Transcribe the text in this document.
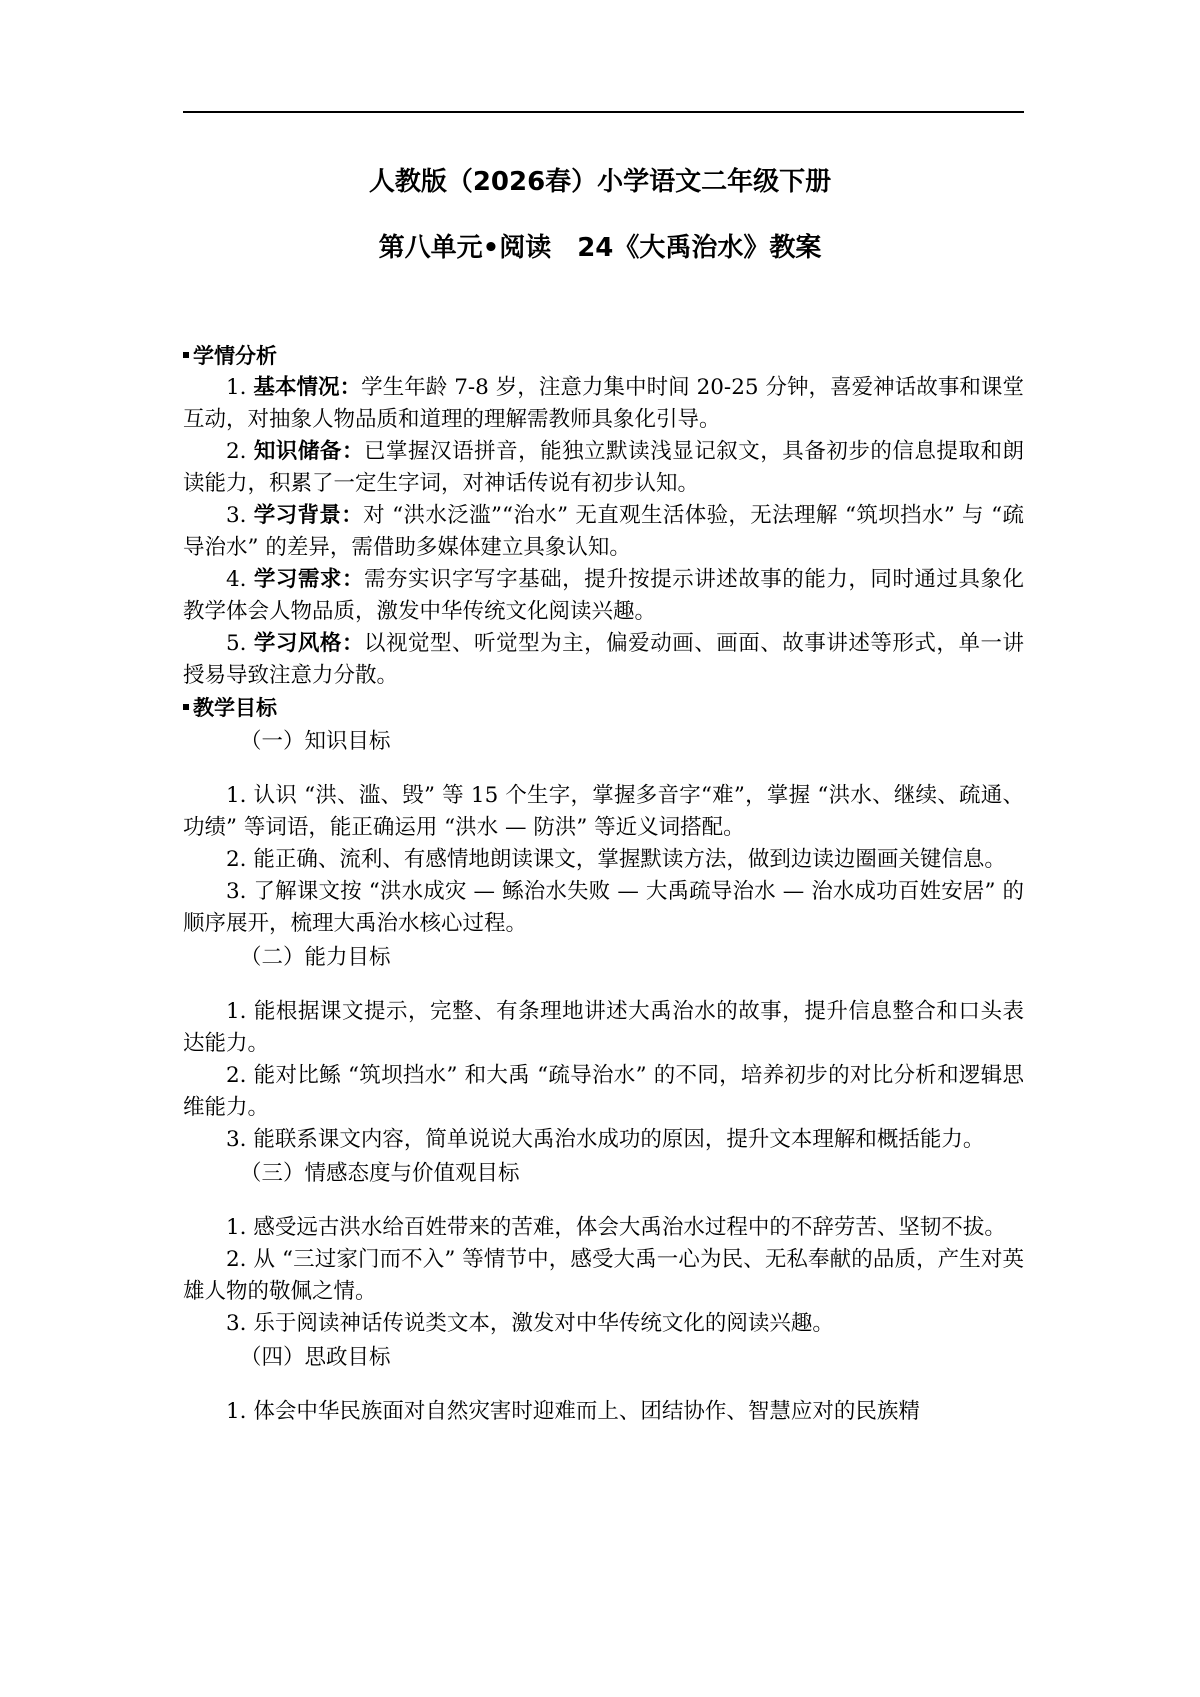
人教版（2026春）小学语文二年级下册
第八单元•阅读　24《大禹治水》教案
学情分析

1. 基本情况：学生年龄 7-8 岁，注意力集中时间 20-25 分钟，喜爱神话故事和课堂互动，对抽象人物品质和道理的理解需教师具象化引导。

2. 知识储备：已掌握汉语拼音，能独立默读浅显记叙文，具备初步的信息提取和朗读能力，积累了一定生字词，对神话传说有初步认知。

3. 学习背景：对 “洪水泛滥”“治水” 无直观生活体验，无法理解 “筑坝挡水” 与 “疏导治水” 的差异，需借助多媒体建立具象认知。

4. 学习需求：需夯实识字写字基础，提升按提示讲述故事的能力，同时通过具象化教学体会人物品质，激发中华传统文化阅读兴趣。

5. 学习风格：以视觉型、听觉型为主，偏爱动画、画面、故事讲述等形式，单一讲授易导致注意力分散。

教学目标
（一）知识目标

1. 认识 “洪、滥、毁” 等 15 个生字，掌握多音字“难”，掌握 “洪水、继续、疏通、功绩” 等词语，能正确运用 “洪水 — 防洪” 等近义词搭配。

2. 能正确、流利、有感情地朗读课文，掌握默读方法，做到边读边圈画关键信息。

3. 了解课文按 “洪水成灾 — 鲧治水失败 — 大禹疏导治水 — 治水成功百姓安居” 的顺序展开，梳理大禹治水核心过程。

（二）能力目标

1. 能根据课文提示，完整、有条理地讲述大禹治水的故事，提升信息整合和口头表达能力。

2. 能对比鲧 “筑坝挡水” 和大禹 “疏导治水” 的不同，培养初步的对比分析和逻辑思维能力。

3. 能联系课文内容，简单说说大禹治水成功的原因，提升文本理解和概括能力。

（三）情感态度与价值观目标

1. 感受远古洪水给百姓带来的苦难，体会大禹治水过程中的不辞劳苦、坚韧不拔。

2. 从 “三过家门而不入” 等情节中，感受大禹一心为民、无私奉献的品质，产生对英雄人物的敬佩之情。

3. 乐于阅读神话传说类文本，激发对中华传统文化的阅读兴趣。

（四）思政目标

1. 体会中华民族面对自然灾害时迎难而上、团结协作、智慧应对的民族精
